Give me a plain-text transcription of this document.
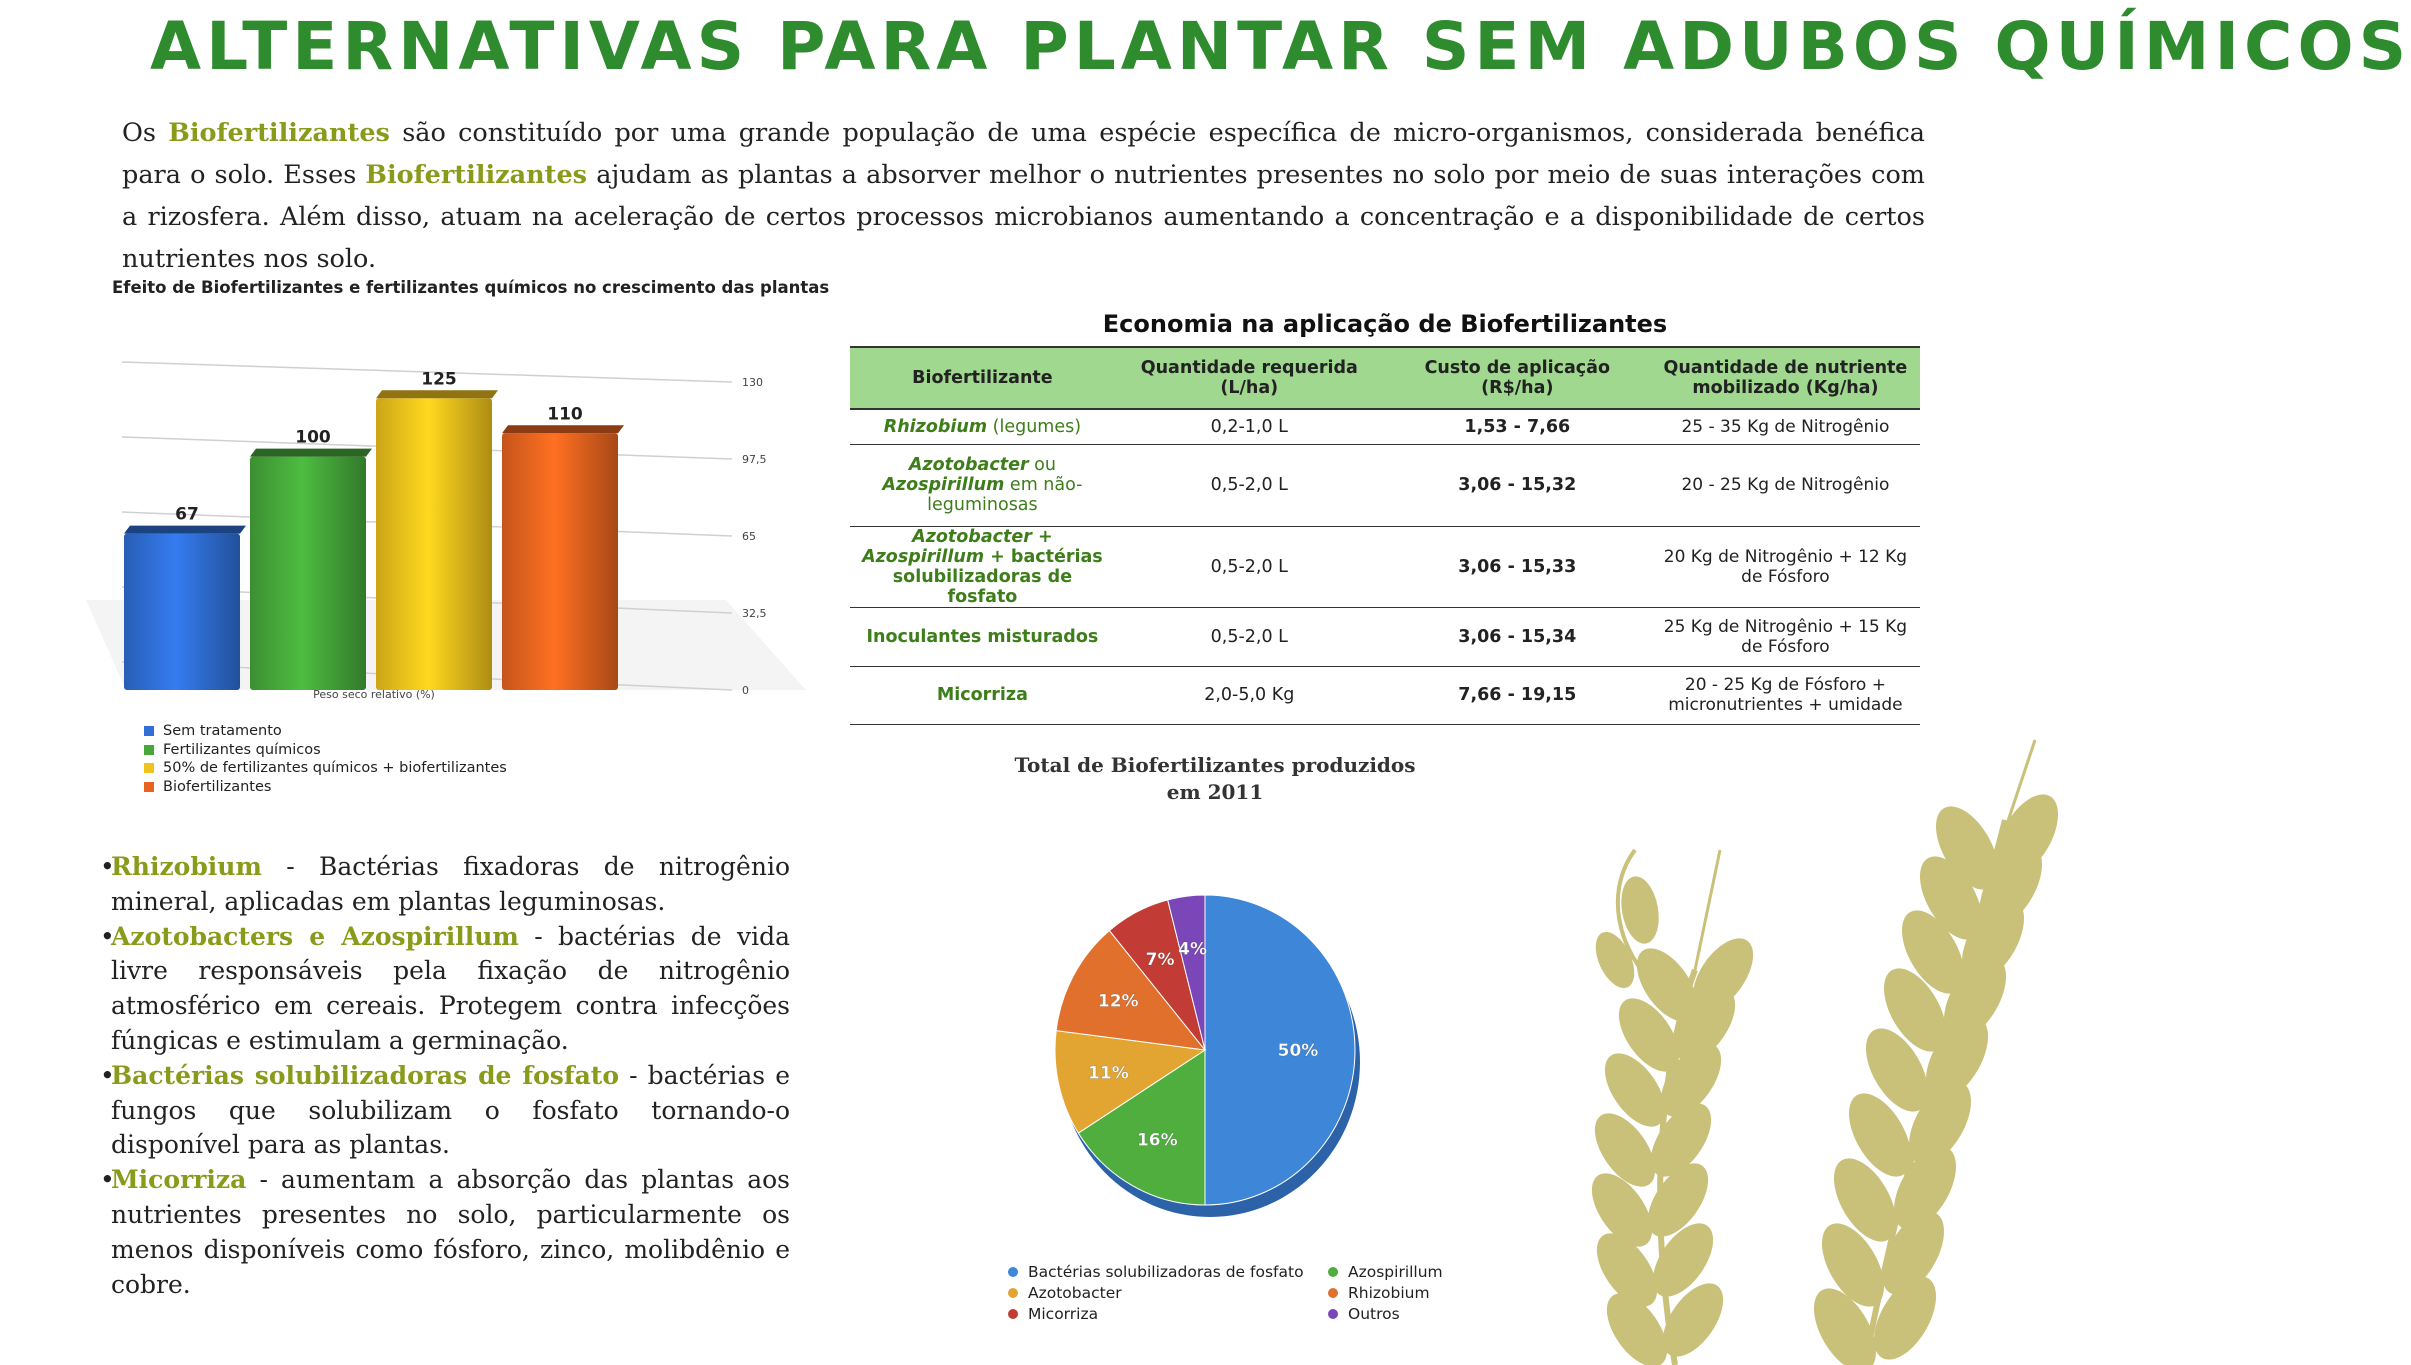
ALTERNATIVAS PARA PLANTAR SEM ADUBOS QUÍMICOS
Os Biofertilizantes são constituído por uma grande população de uma espécie específica de micro-organismos, considerada benéfica para o solo. Esses Biofertilizantes ajudam as plantas a absorver melhor o nutrientes presentes no solo por meio de suas interações com a rizosfera. Além disso, atuam na aceleração de certos processos microbianos aumentando a concentração e a disponibilidade de certos nutrientes nos solo.
Efeito de Biofertilizantes e fertilizantes químicos no crescimento das plantas
0
32,5
65
97,5
130
67
100
125
110
Peso seco relativo (%)
Sem tratamento
Fertilizantes químicos
50% de fertilizantes químicos + biofertilizantes
Biofertilizantes
Economia na aplicação de Biofertilizantes
Biofertilizante	Quantidade requerida (L/ha)	Custo de aplicação (R$/ha)	Quantidade de nutriente mobilizado (Kg/ha)
Rhizobium (legumes)	0,2-1,0 L	1,53 - 7,66	25 - 35 Kg de Nitrogênio
Azotobacter ou Azospirillum em não-leguminosas	0,5-2,0 L	3,06 - 15,32	20 - 25 Kg de Nitrogênio
Azotobacter + Azospirillum + bactérias solubilizadoras de fosfato	0,5-2,0 L	3,06 - 15,33	20 Kg de Nitrogênio + 12 Kg de Fósforo
Inoculantes misturados	0,5-2,0 L	3,06 - 15,34	25 Kg de Nitrogênio + 15 Kg de Fósforo
Micorriza	2,0-5,0 Kg	7,66 - 19,15	20 - 25 Kg de Fósforo + micronutrientes + umidade
•Rhizobium - Bactérias fixadoras de nitrogênio mineral, aplicadas em plantas leguminosas.
•Azotobacters e Azospirillum - bactérias de vida livre responsáveis pela fixação de nitrogênio atmosférico em cereais. Protegem contra infecções fúngicas e estimulam a germinação.
•Bactérias solubilizadoras de fosfato - bactérias e fungos que solubilizam o fosfato tornando-o disponível para as plantas.
•Micorriza - aumentam a absorção das plantas aos nutrientes presentes no solo, particularmente os menos disponíveis como fósforo, zinco, molibdênio e cobre.
Total de Biofertilizantes produzidos
em 2011
50%
16%
11%
12%
7%
4%
Bactérias solubilizadoras de fosfato	Azospirillum
Azotobacter	Rhizobium
Micorriza	Outros
